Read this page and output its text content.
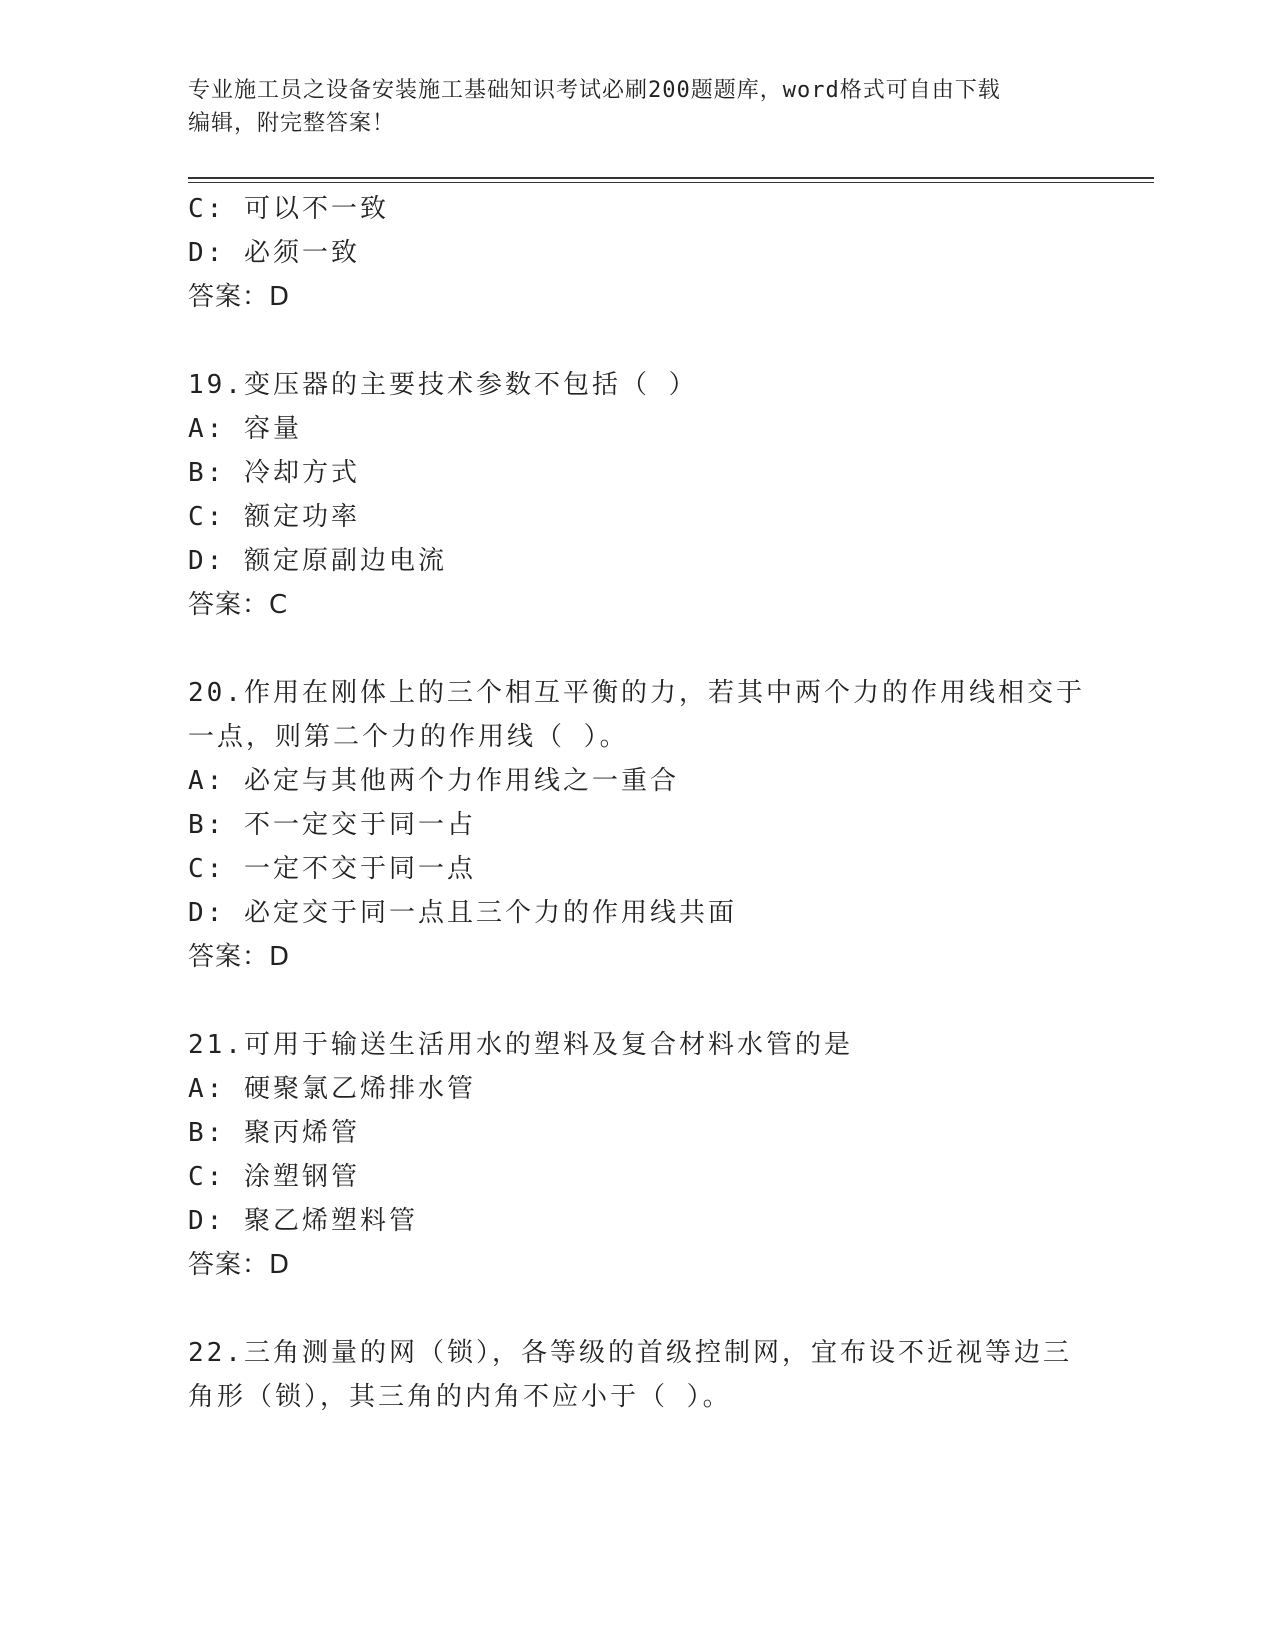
专业施工员之设备安装施工基础知识考试必刷200题题库，word格式可自由下载
编辑，附完整答案！
C: 可以不一致
D: 必须一致
答案：D
19.变压器的主要技术参数不包括（ ）
A: 容量
B: 冷却方式
C: 额定功率
D: 额定原副边电流
答案：C
20.作用在刚体上的三个相互平衡的力，若其中两个力的作用线相交于
一点，则第二个力的作用线（ ）。
A: 必定与其他两个力作用线之一重合
B: 不一定交于同一占
C: 一定不交于同一点
D: 必定交于同一点且三个力的作用线共面
答案：D
21.可用于输送生活用水的塑料及复合材料水管的是
A: 硬聚氯乙烯排水管
B: 聚丙烯管
C: 涂塑钢管
D: 聚乙烯塑料管
答案：D
22.三角测量的网（锁），各等级的首级控制网，宜布设不近视等边三
角形（锁），其三角的内角不应小于（ ）。
